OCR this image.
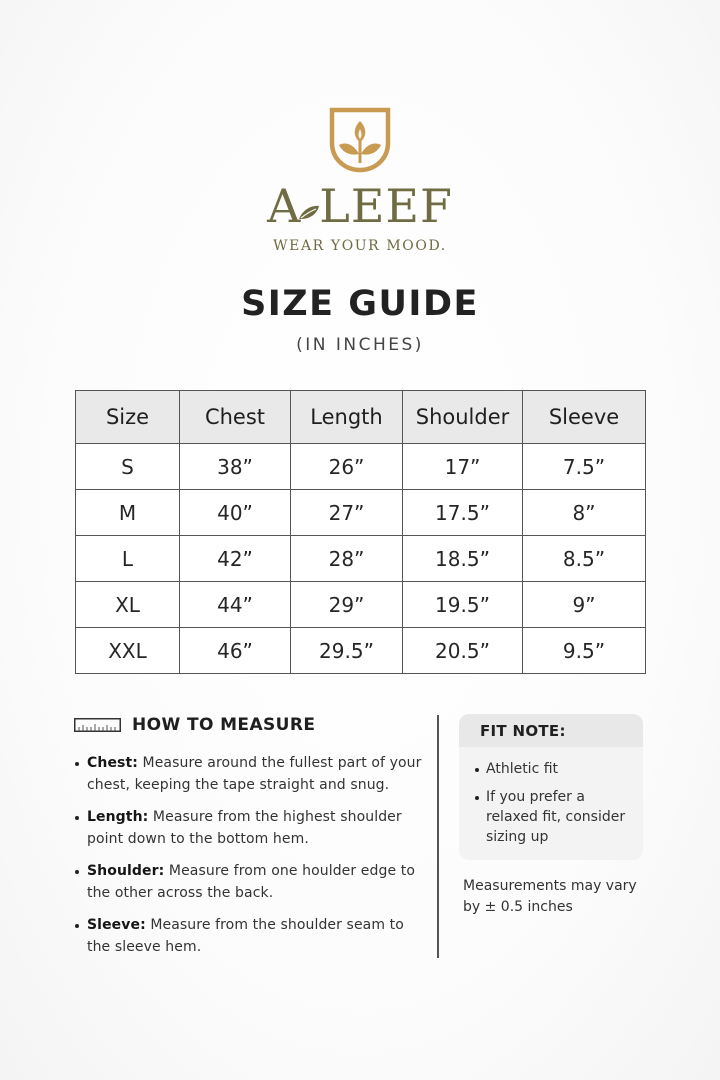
A LEEF
WEAR YOUR MOOD.
SIZE GUIDE
(IN INCHES)
Size	Chest	Length	Shoulder	Sleeve
S	38”	26”	17”	7.5”
M	40”	27”	17.5”	8”
L	42”	28”	18.5”	8.5”
XL	44”	29”	19.5”	9”
XXL	46”	29.5”	20.5”	9.5”
HOW TO MEASURE
Chest: Measure around the fullest part of your chest, keeping the tape straight and snug.
Length: Measure from the highest shoulder point down to the bottom hem.
Shoulder: Measure from one houlder edge to the other across the back.
Sleeve: Measure from the shoulder seam to the sleeve hem.
FIT NOTE:
Athletic fit
If you prefer a relaxed fit, consider sizing up
Measurements may vary by ± 0.5 inches
